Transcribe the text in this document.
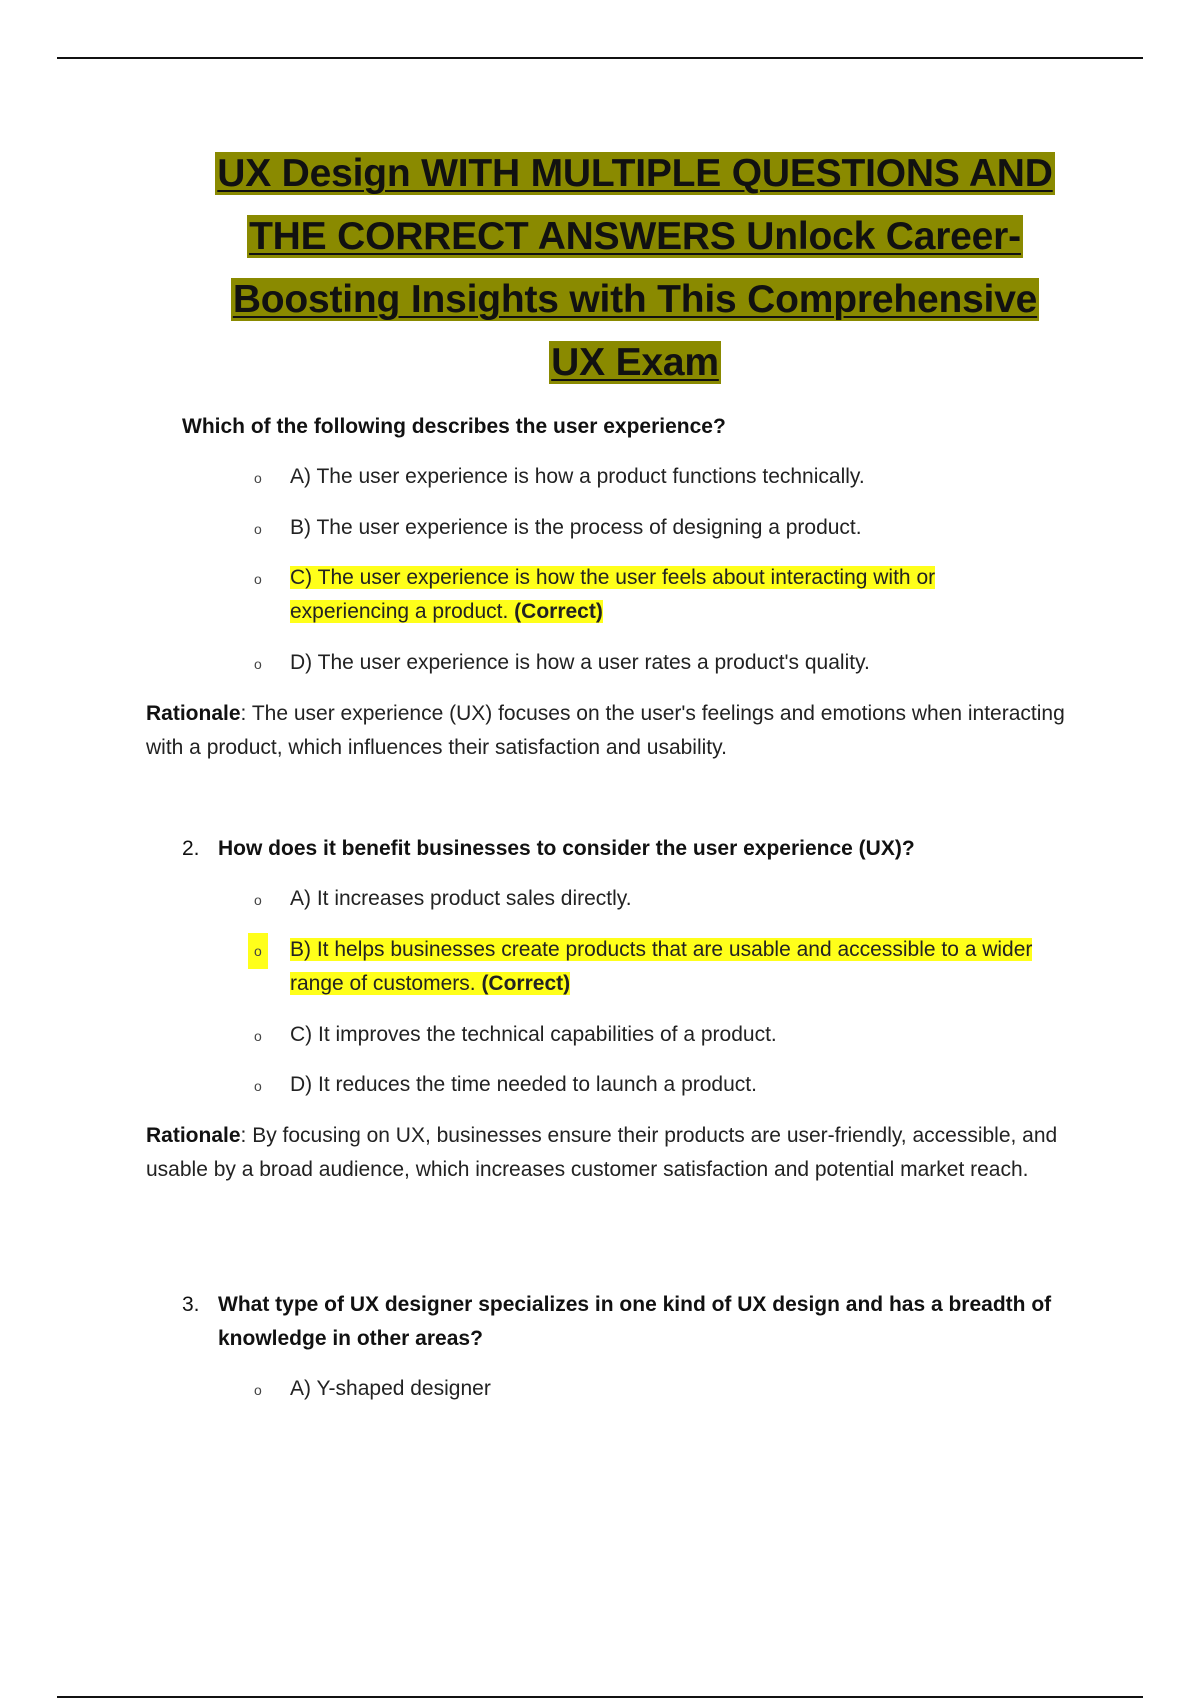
UX Design WITH MULTIPLE QUESTIONS AND
THE CORRECT ANSWERS Unlock Career-
Boosting Insights with This Comprehensive
UX Exam
Which of the following describes the user experience?
o	A) The user experience is how a product functions technically.
o	B) The user experience is the process of designing a product.
o	C) The user experience is how the user feels about interacting with or experiencing a product. (Correct)
o	D) The user experience is how a user rates a product's quality.
Rationale: The user experience (UX) focuses on the user's feelings and emotions when interacting with a product, which influences their satisfaction and usability.
2. How does it benefit businesses to consider the user experience (UX)?
o	A) It increases product sales directly.
o	B) It helps businesses create products that are usable and accessible to a wider range of customers. (Correct)
o	C) It improves the technical capabilities of a product.
o	D) It reduces the time needed to launch a product.
Rationale: By focusing on UX, businesses ensure their products are user-friendly, accessible, and usable by a broad audience, which increases customer satisfaction and potential market reach.
3. What type of UX designer specializes in one kind of UX design and has a breadth of knowledge in other areas?
o	A) Y-shaped designer
